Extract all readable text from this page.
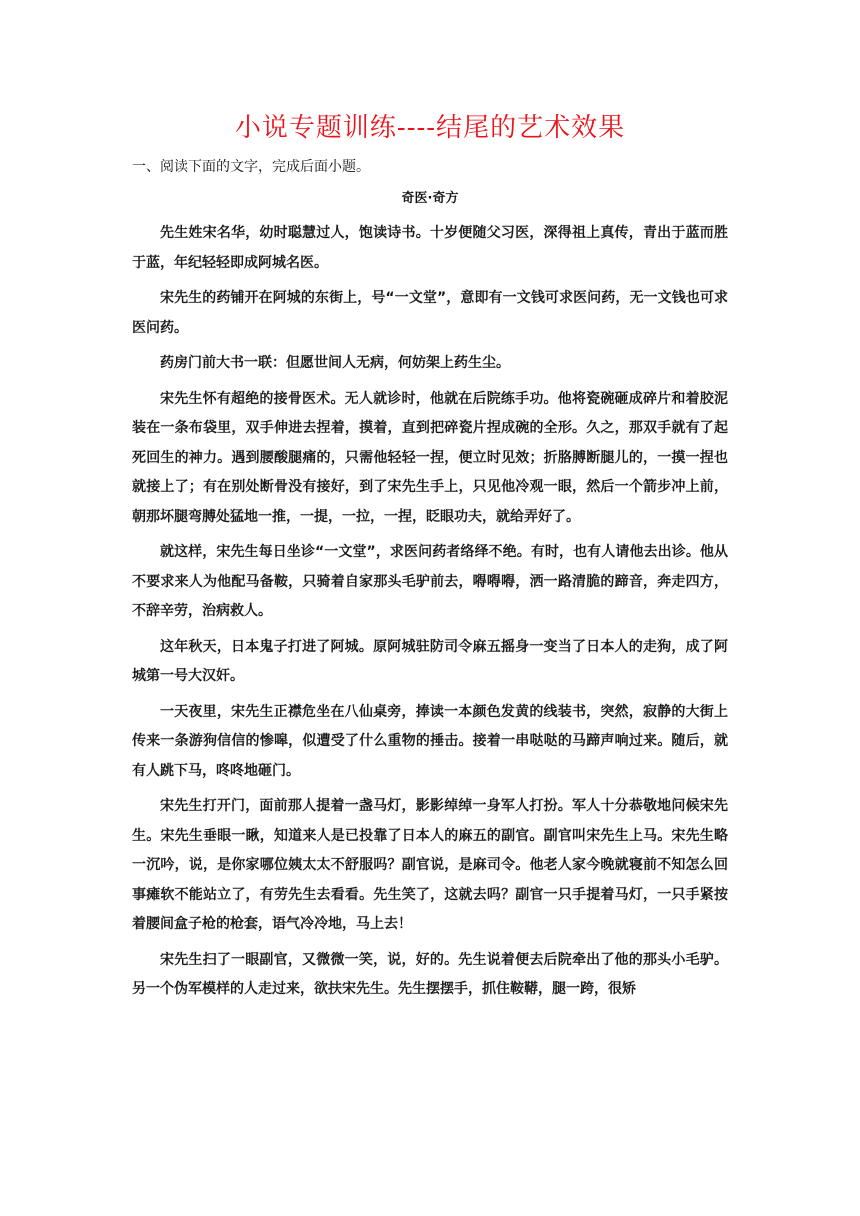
小说专题训练----结尾的艺术效果
一、阅读下面的文字，完成后面小题。
奇医·奇方

先生姓宋名华，幼时聪慧过人，饱读诗书。十岁便随父习医，深得祖上真传，青出于蓝而胜于蓝，年纪轻轻即成阿城名医。

宋先生的药铺开在阿城的东街上，号“一文堂”，意即有一文钱可求医问药，无一文钱也可求医问药。

药房门前大书一联：但愿世间人无病，何妨架上药生尘。

宋先生怀有超绝的接骨医术。无人就诊时，他就在后院练手功。他将瓷碗砸成碎片和着胶泥装在一条布袋里，双手伸进去捏着，摸着，直到把碎瓷片捏成碗的全形。久之，那双手就有了起死回生的神力。遇到腰酸腿痛的，只需他轻轻一捏，便立时见效；折胳膊断腿儿的，一摸一捏也就接上了；有在别处断骨没有接好，到了宋先生手上，只见他冷观一眼，然后一个箭步冲上前，朝那坏腿弯膊处猛地一推，一提，一拉，一捏，眨眼功夫，就给弄好了。

就这样，宋先生每日坐诊“一文堂”，求医问药者络绎不绝。有时，也有人请他去出诊。他从不要求来人为他配马备鞍，只骑着自家那头毛驴前去，嘚嘚嘚，洒一路清脆的蹄音，奔走四方，不辞辛劳，治病救人。

这年秋天，日本鬼子打进了阿城。原阿城驻防司令麻五摇身一变当了日本人的走狗，成了阿城第一号大汉奸。

一天夜里，宋先生正襟危坐在八仙桌旁，捧读一本颜色发黄的线装书，突然，寂静的大街上传来一条游狗信信的惨嗥，似遭受了什么重物的捶击。接着一串哒哒的马蹄声响过来。随后，就有人跳下马，咚咚地砸门。

宋先生打开门，面前那人提着一盏马灯，影影绰绰一身军人打扮。军人十分恭敬地问候宋先生。宋先生垂眼一瞅，知道来人是已投靠了日本人的麻五的副官。副官叫宋先生上马。宋先生略一沉吟，说，是你家哪位姨太太不舒服吗？副官说，是麻司令。他老人家今晚就寝前不知怎么回事瘫软不能站立了，有劳先生去看看。先生笑了，这就去吗？副官一只手提着马灯，一只手紧按着腰间盒子枪的枪套，语气冷冷地，马上去！

宋先生扫了一眼副官，又微微一笑，说，好的。先生说着便去后院牵出了他的那头小毛驴。另一个伪军模样的人走过来，欲扶宋先生。先生摆摆手，抓住鞍鞯，腿一跨，很矫
